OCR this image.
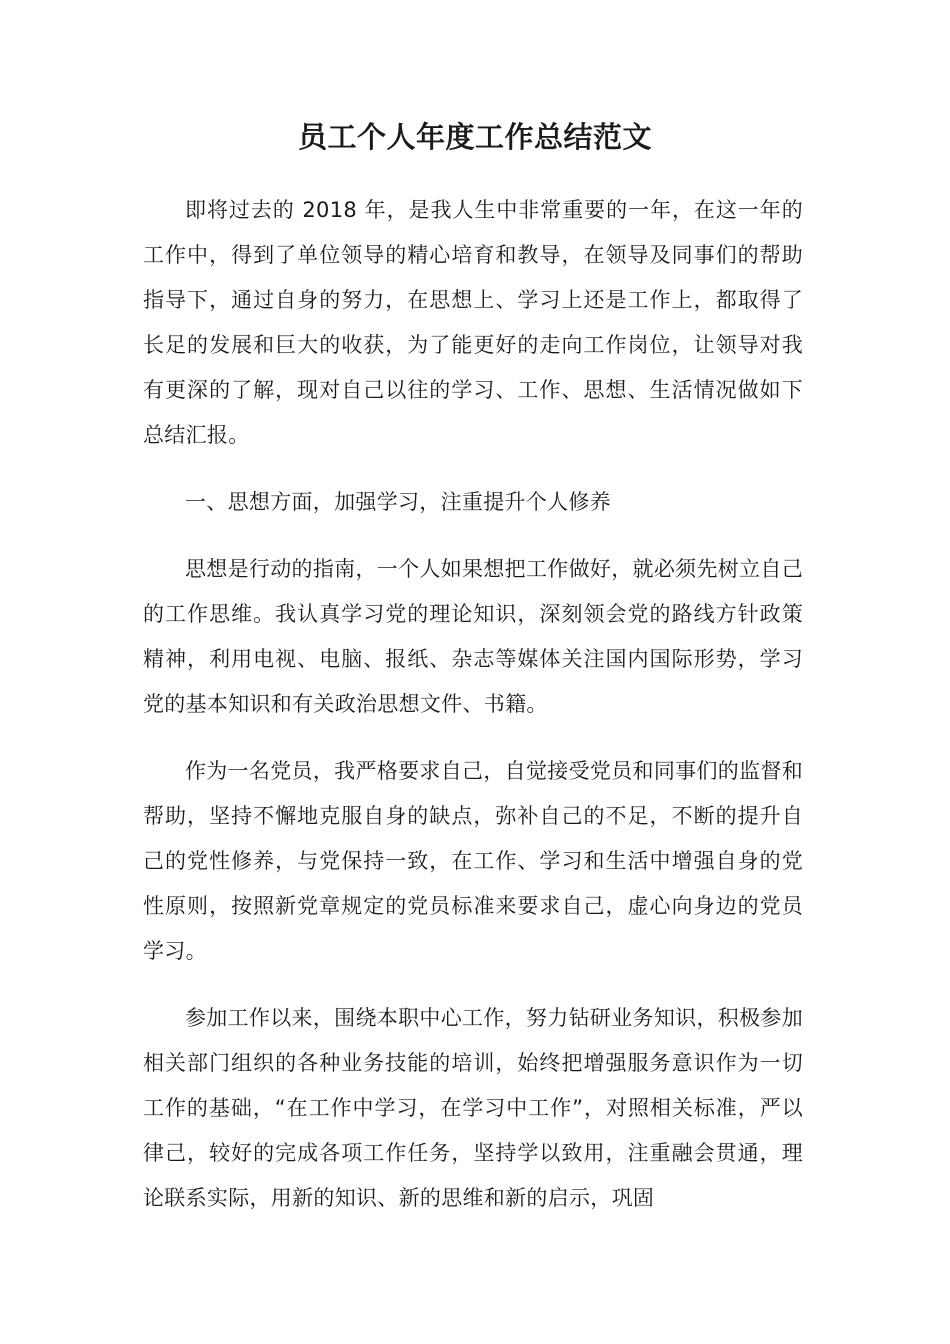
员工个人年度工作总结范文

即将过去的 2018 年，是我人生中非常重要的一年，在这一年的工作中，得到了单位领导的精心培育和教导，在领导及同事们的帮助指导下，通过自身的努力，在思想上、学习上还是工作上，都取得了长足的发展和巨大的收获，为了能更好的走向工作岗位，让领导对我有更深的了解，现对自己以往的学习、工作、思想、生活情况做如下总结汇报。

一、思想方面，加强学习，注重提升个人修养

思想是行动的指南，一个人如果想把工作做好，就必须先树立自己的工作思维。我认真学习党的理论知识，深刻领会党的路线方针政策精神，利用电视、电脑、报纸、杂志等媒体关注国内国际形势，学习党的基本知识和有关政治思想文件、书籍。

作为一名党员，我严格要求自己，自觉接受党员和同事们的监督和帮助，坚持不懈地克服自身的缺点，弥补自己的不足，不断的提升自己的党性修养，与党保持一致，在工作、学习和生活中增强自身的党性原则，按照新党章规定的党员标准来要求自己，虚心向身边的党员学习。

参加工作以来，围绕本职中心工作，努力钻研业务知识，积极参加相关部门组织的各种业务技能的培训，始终把增强服务意识作为一切工作的基础，“在工作中学习，在学习中工作”，对照相关标准，严以律己，较好的完成各项工作任务，坚持学以致用，注重融会贯通，理论联系实际，用新的知识、新的思维和新的启示，巩固
